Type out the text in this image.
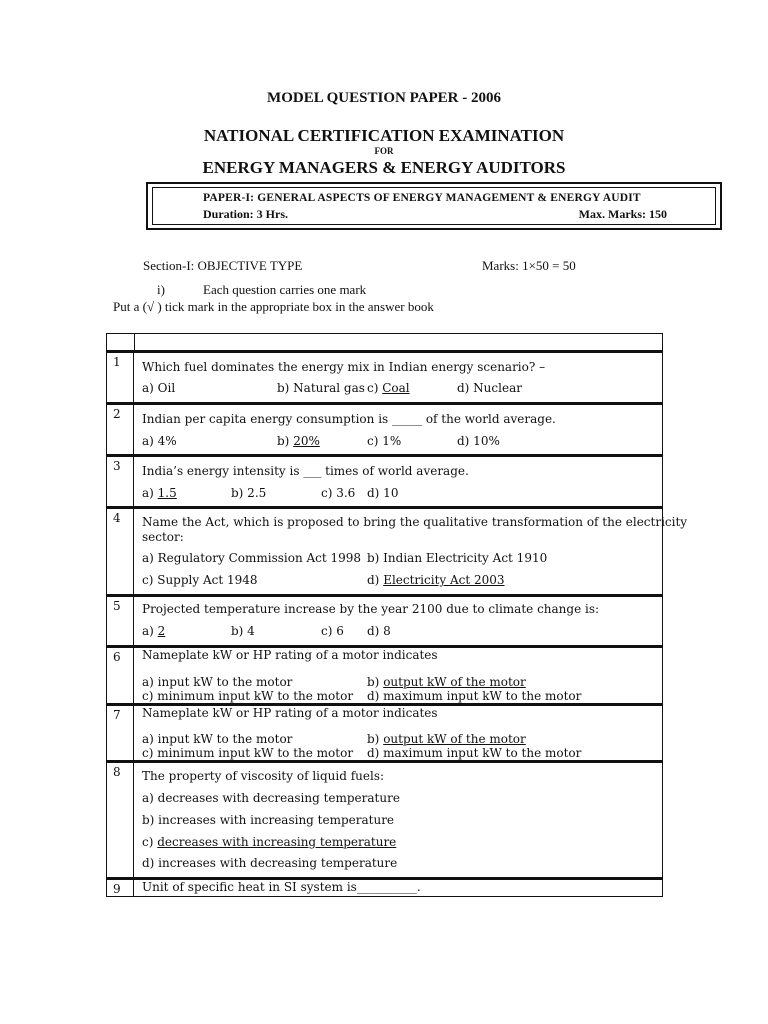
MODEL QUESTION PAPER - 2006
NATIONAL CERTIFICATION EXAMINATION
FOR
ENERGY MANAGERS & ENERGY AUDITORS
PAPER-I: GENERAL ASPECTS OF ENERGY MANAGEMENT & ENERGY AUDIT
Duration: 3 Hrs.	Max. Marks: 150
Section-I: OBJECTIVE TYPE	Marks: 1×50 = 50
i)	Each question carries one mark
Put a (√ ) tick mark in the appropriate box in the answer book
1	Which fuel dominates the energy mix in Indian energy scenario? –
a) Oil	b) Natural gas c) Coal	d) Nuclear
2	Indian per capita energy consumption is _____ of the world average.
a) 4%	b) 20%	c) 1%	d) 10%
3	India’s energy intensity is ___ times of world average.
a) 1.5	b) 2.5	c) 3.6 d) 10
4	Name the Act, which is proposed to bring the qualitative transformation of the electricity
sector:
a) Regulatory Commission Act 1998 b) Indian Electricity Act 1910
c) Supply Act 1948	d) Electricity Act 2003
5	Projected temperature increase by the year 2100 due to climate change is:
a) 2	b) 4	c) 6 d) 8
6	Nameplate kW or HP rating of a motor indicates
a) input kW to the motor	b) output kW of the motor
c) minimum input kW to the motor d) maximum input kW to the motor
7	Nameplate kW or HP rating of a motor indicates
a) input kW to the motor	b) output kW of the motor
c) minimum input kW to the motor d) maximum input kW to the motor
8	The property of viscosity of liquid fuels:
a) decreases with decreasing temperature
b) increases with increasing temperature
c) decreases with increasing temperature
d) increases with decreasing temperature
9	Unit of specific heat in SI system is__________.
